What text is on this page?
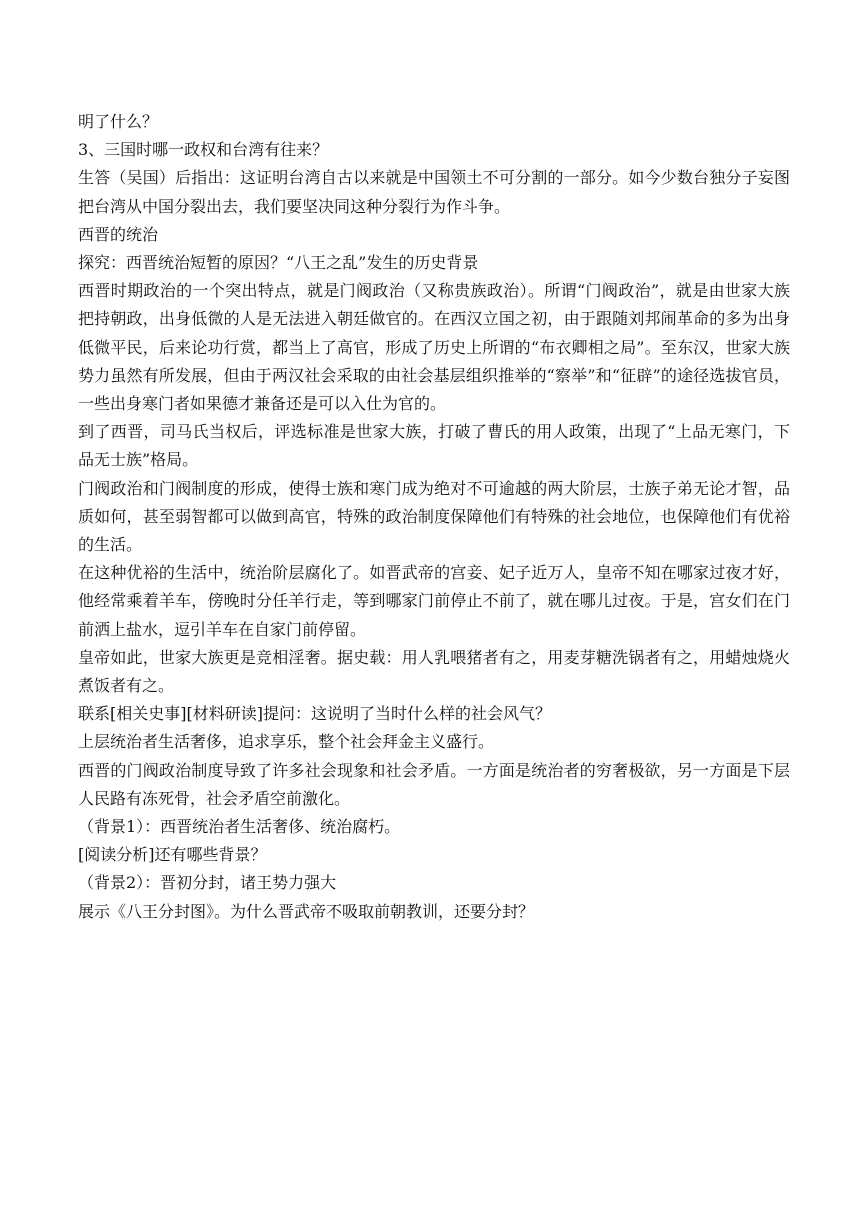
明了什么？

3、三国时哪一政权和台湾有往来？

生答（吴国）后指出：这证明台湾自古以来就是中国领土不可分割的一部分。如今少数台独分子妄图把台湾从中国分裂出去，我们要坚决同这种分裂行为作斗争。

西晋的统治

探究：西晋统治短暂的原因？“八王之乱”发生的历史背景

西晋时期政治的一个突出特点，就是门阀政治（又称贵族政治）。所谓“门阀政治”，就是由世家大族把持朝政，出身低微的人是无法进入朝廷做官的。在西汉立国之初，由于跟随刘邦闹革命的多为出身低微平民，后来论功行赏，都当上了高官，形成了历史上所谓的“布衣卿相之局”。至东汉，世家大族势力虽然有所发展，但由于两汉社会采取的由社会基层组织推举的“察举”和“征辟”的途径选拔官员，一些出身寒门者如果德才兼备还是可以入仕为官的。

到了西晋，司马氏当权后，评选标准是世家大族，打破了曹氏的用人政策，出现了“上品无寒门，下品无士族”格局。

门阀政治和门阀制度的形成，使得士族和寒门成为绝对不可逾越的两大阶层，士族子弟无论才智，品质如何，甚至弱智都可以做到高官，特殊的政治制度保障他们有特殊的社会地位，也保障他们有优裕的生活。

在这种优裕的生活中，统治阶层腐化了。如晋武帝的宫妾、妃子近万人，皇帝不知在哪家过夜才好，他经常乘着羊车，傍晚时分任羊行走，等到哪家门前停止不前了，就在哪儿过夜。于是，宫女们在门前洒上盐水，逗引羊车在自家门前停留。

皇帝如此，世家大族更是竞相淫奢。据史载：用人乳喂猪者有之，用麦芽糖洗锅者有之，用蜡烛烧火煮饭者有之。

联系[相关史事][材料研读]提问：这说明了当时什么样的社会风气？

上层统治者生活奢侈，追求享乐，整个社会拜金主义盛行。

西晋的门阀政治制度导致了许多社会现象和社会矛盾。一方面是统治者的穷奢极欲，另一方面是下层人民路有冻死骨，社会矛盾空前激化。

（背景1）：西晋统治者生活奢侈、统治腐朽。

[阅读分析]还有哪些背景？

（背景2）：晋初分封，诸王势力强大

展示《八王分封图》。为什么晋武帝不吸取前朝教训，还要分封？
